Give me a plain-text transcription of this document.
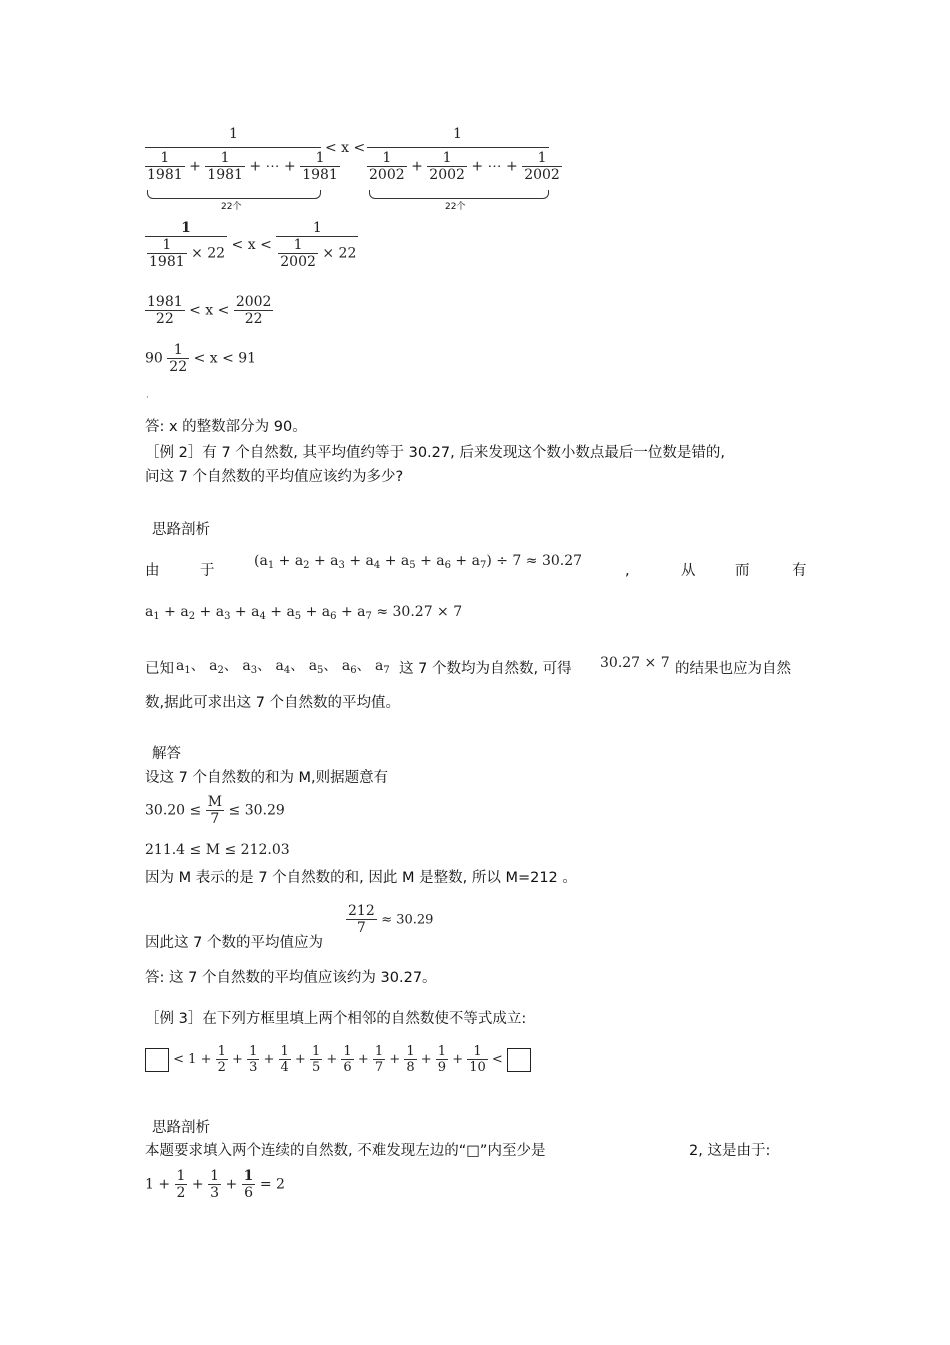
1
$\frac{1}{1981} + \frac{1}{1981}$ + ⋯ + $\frac{1}{1981}$
22个
< x <
1
$\frac{1}{2002} + \frac{1}{2002}$ + ⋯ + $\frac{1}{2002}$
22个
$\frac{1}{\frac{1}{1981} \times 22} < x < \frac{1}{\frac{1}{2002} \times 22}$
$\frac{1981}{22} < x < \frac{2002}{22}$
$90 \frac{1}{22} < x < 91$
·
答: x 的整数部分为 90。
［例 2］有 7 个自然数, 其平均值约等于 30.27, 后来发现这个数小数点最后一位数是错的,
问这 7 个自然数的平均值应该约为多少?
思路剖析
由	于
$(a_1 + a_2 + a_3 + a_4 + a_5 + a_6 + a_7) \div 7 \approx 30.27$
,	从	而	有
$a_1 + a_2 + a_3 + a_4 + a_5 + a_6 + a_7 \approx 30.27 \times 7$
已知 $a_1$、 $a_2$、 $a_3$、 $a_4$、 $a_5$、 $a_6$、 $a_7$ 这 7 个数均为自然数, 可得 30.27 × 7 的结果也应为自然
数,据此可求出这 7 个自然数的平均值。
解答
设这 7 个自然数的和为 M,则据题意有
$30.20 \le \frac{M}{7} \le 30.29$
211.4 ≤ M ≤ 212.03
因为 M 表示的是 7 个自然数的和, 因此 M 是整数, 所以 M=212 。
$\frac{212}{7} \approx 30.29$
因此这 7 个数的平均值应为
答: 这 7 个自然数的平均值应该约为 30.27。
［例 3］在下列方框里填上两个相邻的自然数使不等式成立:
< $1 + \frac{1}{2} + \frac{1}{3} + \frac{1}{4} + \frac{1}{5} + \frac{1}{6} + \frac{1}{7} + \frac{1}{8} + \frac{1}{9} + \frac{1}{10}$ <
思路剖析
本题要求填入两个连续的自然数, 不难发现左边的“□”内至少是	2, 这是由于:
$1 + \frac{1}{2} + \frac{1}{3} + \frac{1}{6} = 2$
